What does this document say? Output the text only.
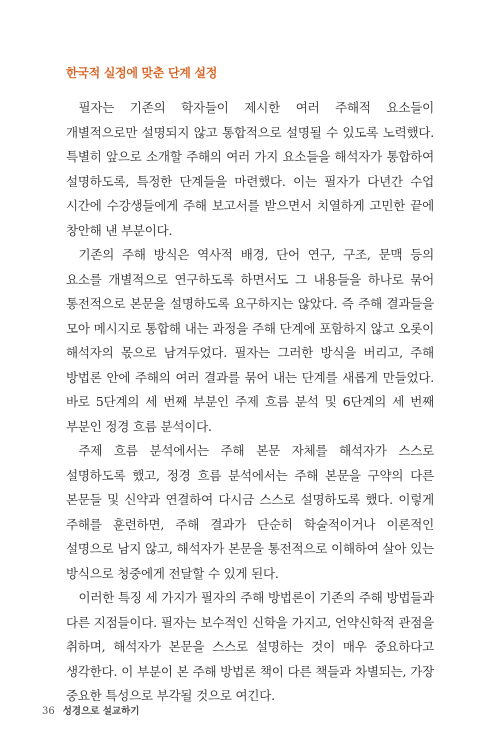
한국적 실정에 맞춘 단계 설정

필자는 기존의 학자들이 제시한 여러 주해적 요소들이 개별적으로만 설명되지 않고 통합적으로 설명될 수 있도록 노력했다. 특별히 앞으로 소개할 주해의 여러 가지 요소들을 해석자가 통합하여 설명하도록, 특정한 단계들을 마련했다. 이는 필자가 다년간 수업 시간에 수강생들에게 주해 보고서를 받으면서 치열하게 고민한 끝에 창안해 낸 부분이다.

기존의 주해 방식은 역사적 배경, 단어 연구, 구조, 문맥 등의 요소를 개별적으로 연구하도록 하면서도 그 내용들을 하나로 묶어 통전적으로 본문을 설명하도록 요구하지는 않았다. 즉 주해 결과들을 모아 메시지로 통합해 내는 과정을 주해 단계에 포함하지 않고 오롯이 해석자의 몫으로 남겨두었다. 필자는 그러한 방식을 버리고, 주해 방법론 안에 주해의 여러 결과를 묶어 내는 단계를 새롭게 만들었다. 바로 5단계의 세 번째 부분인 주제 흐름 분석 및 6단계의 세 번째 부분인 정경 흐름 분석이다.

주제 흐름 분석에서는 주해 본문 자체를 해석자가 스스로 설명하도록 했고, 정경 흐름 분석에서는 주해 본문을 구약의 다른 본문들 및 신약과 연결하여 다시금 스스로 설명하도록 했다. 이렇게 주해를 훈련하면, 주해 결과가 단순히 학술적이거나 이론적인 설명으로 남지 않고, 해석자가 본문을 통전적으로 이해하여 살아 있는 방식으로 청중에게 전달할 수 있게 된다.

이러한 특징 세 가지가 필자의 주해 방법론이 기존의 주해 방법들과 다른 지점들이다. 필자는 보수적인 신학을 가지고, 언약신학적 관점을 취하며, 해석자가 본문을 스스로 설명하는 것이 매우 중요하다고 생각한다. 이 부분이 본 주해 방법론 책이 다른 책들과 차별되는, 가장 중요한 특성으로 부각될 것으로 여긴다.

36 성경으로 설교하기
